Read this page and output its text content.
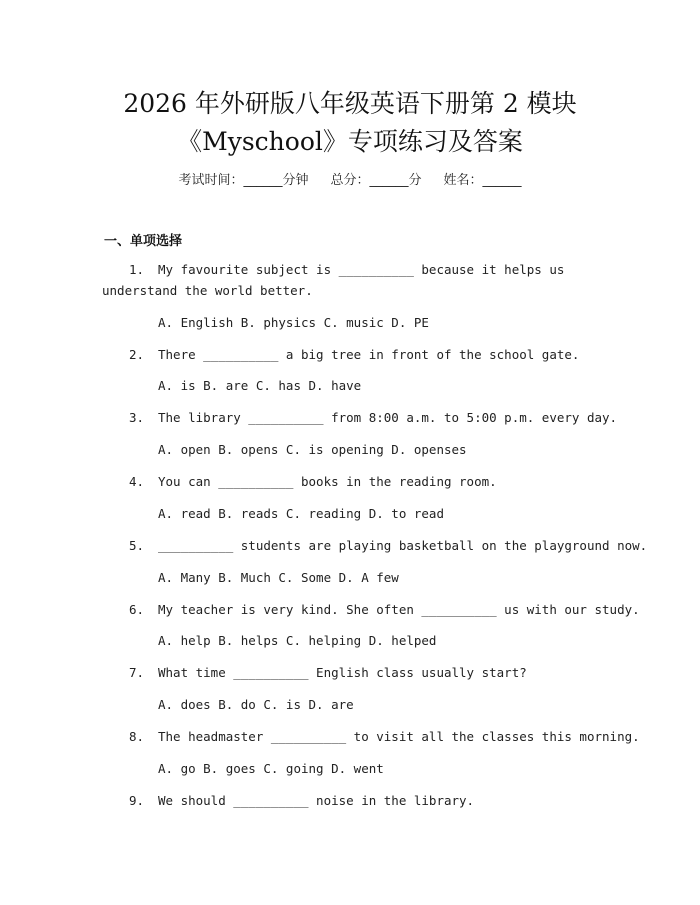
2026 年外研版八年级英语下册第 2 模块
《Myschool》专项练习及答案
考试时间：______分钟 总分：______分 姓名：______
一、单项选择
1. My favourite subject is __________ because it helps us
understand the world better.
A. English B. physics C. music D. PE
2. There __________ a big tree in front of the school gate.
A. is B. are C. has D. have
3. The library __________ from 8:00 a.m. to 5:00 p.m. every day.
A. open B. opens C. is opening D. openses
4. You can __________ books in the reading room.
A. read B. reads C. reading D. to read
5. __________ students are playing basketball on the playground now.
A. Many B. Much C. Some D. A few
6. My teacher is very kind. She often __________ us with our study.
A. help B. helps C. helping D. helped
7. What time __________ English class usually start?
A. does B. do C. is D. are
8. The headmaster __________ to visit all the classes this morning.
A. go B. goes C. going D. went
9. We should __________ noise in the library.
